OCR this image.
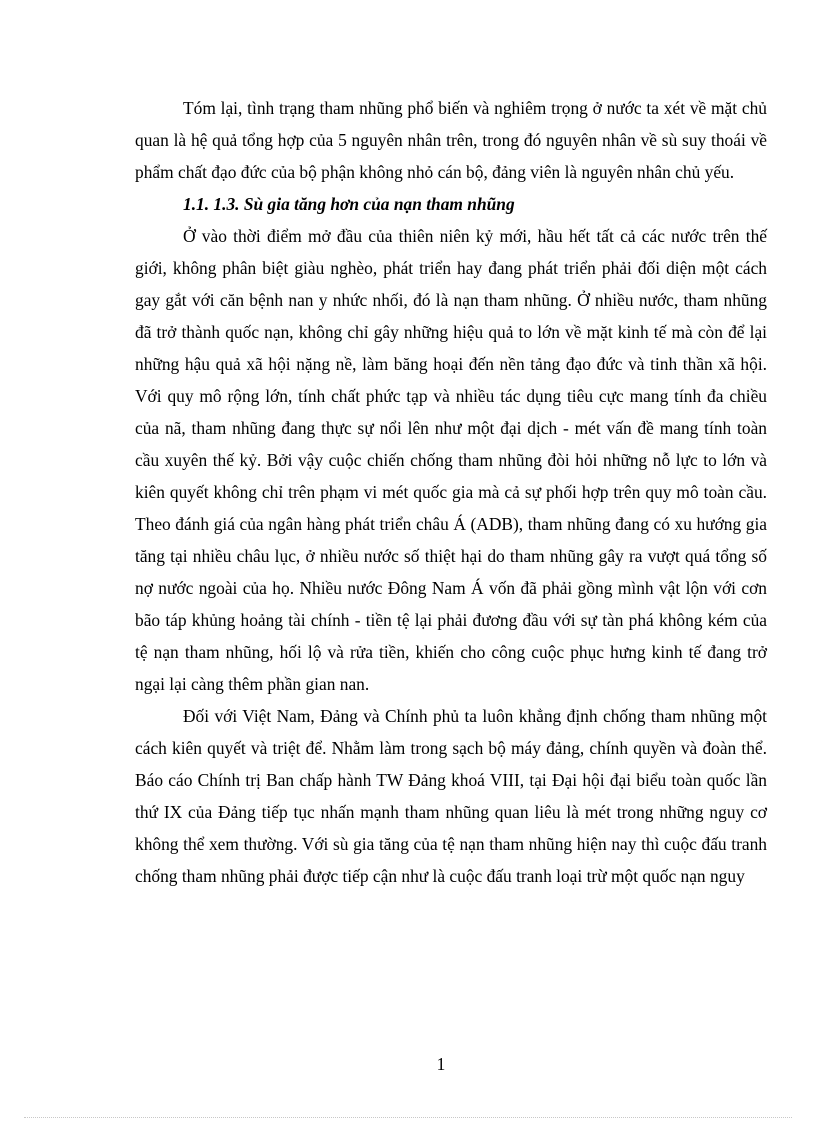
Tóm lại, tình trạng tham nhũng phổ biến và nghiêm trọng ở nước ta xét về mặt chủ quan là hệ quả tổng hợp của 5 nguyên nhân trên, trong đó nguyên nhân về sù suy thoái về phẩm chất đạo đức của bộ phận không nhỏ cán bộ, đảng viên là nguyên nhân chủ yếu.

1.1. 1.3. Sù gia tăng hơn của nạn tham nhũng

Ở vào thời điểm mở đầu của thiên niên kỷ mới, hầu hết tất cả các nước trên thế giới, không phân biệt giàu nghèo, phát triển hay đang phát triển phải đối diện một cách gay gắt với căn bệnh nan y nhức nhối, đó là nạn tham nhũng. Ở nhiều nước, tham nhũng đã trở thành quốc nạn, không chỉ gây những hiệu quả to lớn về mặt kinh tế mà còn để lại những hậu quả xã hội nặng nề, làm băng hoại đến nền tảng đạo đức và tinh thần xã hội. Với quy mô rộng lớn, tính chất phức tạp và nhiều tác dụng tiêu cực mang tính đa chiều của nã, tham nhũng đang thực sự nổi lên như một đại dịch - mét vấn đề mang tính toàn cầu xuyên thế kỷ. Bởi vậy cuộc chiến chống tham nhũng đòi hỏi những nỗ lực to lớn và kiên quyết không chỉ trên phạm vi mét quốc gia mà cả sự phối hợp trên quy mô toàn cầu. Theo đánh giá của ngân hàng phát triển châu Á (ADB), tham nhũng đang có xu hướng gia tăng tại nhiều châu lục, ở nhiều nước số thiệt hại do tham nhũng gây ra vượt quá tổng số nợ nước ngoài của họ. Nhiều nước Đông Nam Á vốn đã phải gồng mình vật lộn với cơn bão táp khủng hoảng tài chính - tiền tệ lại phải đương đầu với sự tàn phá không kém của tệ nạn tham nhũng, hối lộ và rửa tiền, khiến cho công cuộc phục hưng kinh tế đang trở ngại lại càng thêm phần gian nan.

Đối với Việt Nam, Đảng và Chính phủ ta luôn khẳng định chống tham nhũng một cách kiên quyết và triệt để. Nhằm làm trong sạch bộ máy đảng, chính quyền và đoàn thể. Báo cáo Chính trị Ban chấp hành TW Đảng khoá VIII, tại Đại hội đại biểu toàn quốc lần thứ IX của Đảng tiếp tục nhấn mạnh tham nhũng quan liêu là mét trong những nguy cơ không thể xem thường. Với sù gia tăng của tệ nạn tham nhũng hiện nay thì cuộc đấu tranh chống tham nhũng phải được tiếp cận như là cuộc đấu tranh loại trừ một quốc nạn nguy

1
